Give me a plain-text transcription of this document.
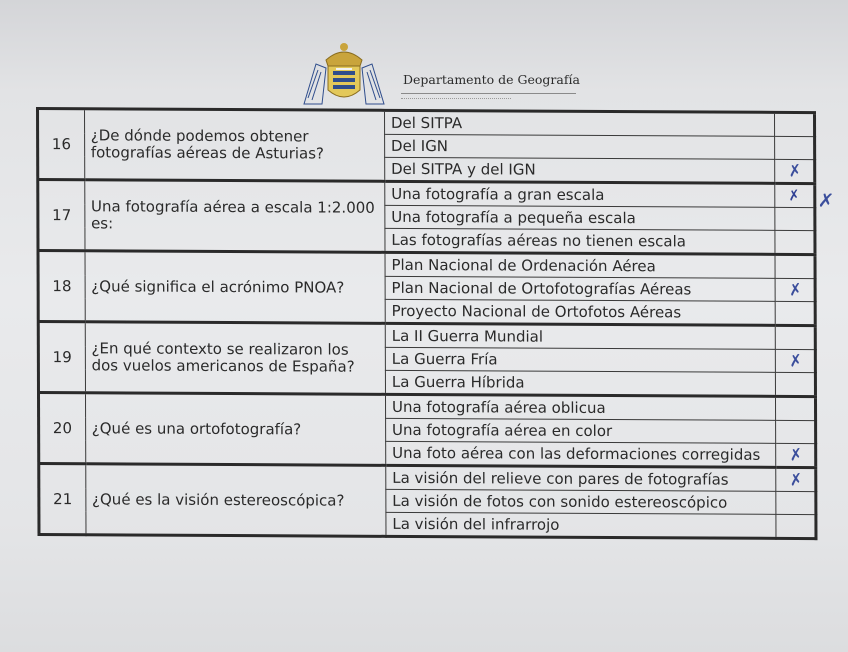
Departamento de Geografía
16	¿De dónde podemos obtener fotografías aéreas de Asturias?	Del SITPA	
		Del IGN	
		Del SITPA y del IGN	✗
17	Una fotografía aérea a escala 1:2.000 es:	Una fotografía a gran escala	✗
		Una fotografía a pequeña escala	
		Las fotografías aéreas no tienen escala	
18	¿Qué significa el acrónimo PNOA?	Plan Nacional de Ordenación Aérea	
		Plan Nacional de Ortofotografías Aéreas	✗
		Proyecto Nacional de Ortofotos Aéreas	
19	¿En qué contexto se realizaron los dos vuelos americanos de España?	La II Guerra Mundial	
		La Guerra Fría	✗
		La Guerra Híbrida	
20	¿Qué es una ortofotografía?	Una fotografía aérea oblicua	
		Una fotografía aérea en color	
		Una foto aérea con las deformaciones corregidas	✗
21	¿Qué es la visión estereoscópica?	La visión del relieve con pares de fotografías	✗
		La visión de fotos con sonido estereoscópico	
		La visión del infrarrojo	
✗
